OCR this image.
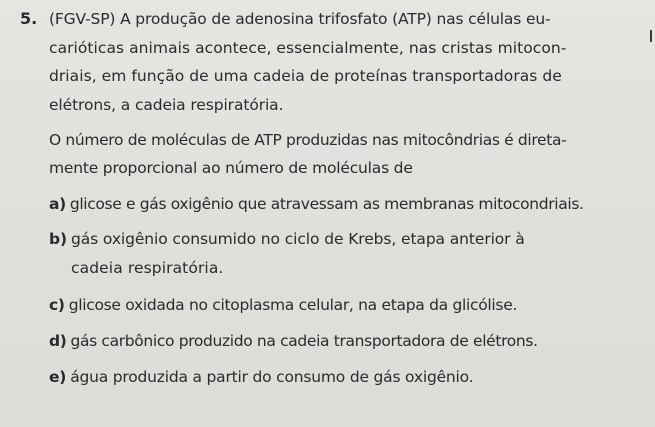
5. (FGV-SP) A produção de adenosina trifosfato (ATP) nas células eu-
carióticas animais acontece, essencialmente, nas cristas mitocon-
driais, em função de uma cadeia de proteínas transportadoras de
elétrons, a cadeia respiratória.
O número de moléculas de ATP produzidas nas mitocôndrias é direta-
mente proporcional ao número de moléculas de
a) glicose e gás oxigênio que atravessam as membranas mitocondriais.
b) gás oxigênio consumido no ciclo de Krebs, etapa anterior à
cadeia respiratória.
c) glicose oxidada no citoplasma celular, na etapa da glicólise.
d) gás carbônico produzido na cadeia transportadora de elétrons.
e) água produzida a partir do consumo de gás oxigênio.
